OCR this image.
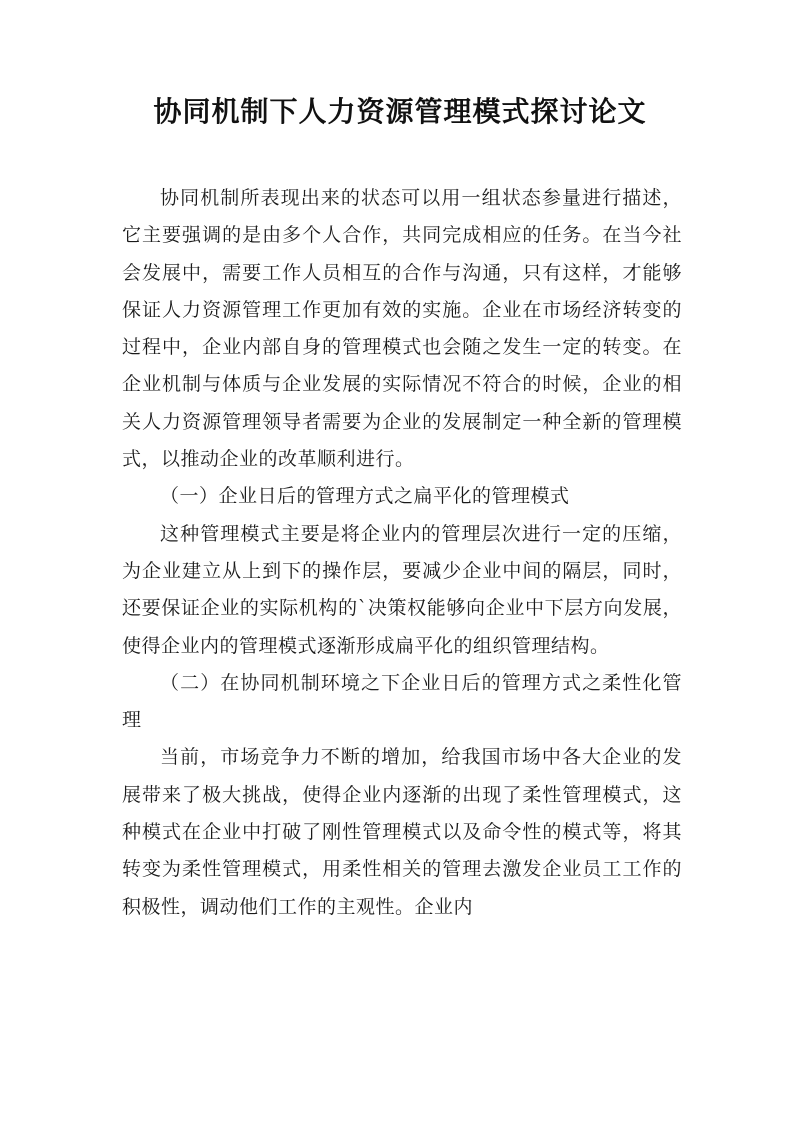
协同机制下人力资源管理模式探讨论文

协同机制所表现出来的状态可以用一组状态参量进行描述，它主要强调的是由多个人合作，共同完成相应的任务。在当今社会发展中，需要工作人员相互的合作与沟通，只有这样，才能够保证人力资源管理工作更加有效的实施。企业在市场经济转变的过程中，企业内部自身的管理模式也会随之发生一定的转变。在企业机制与体质与企业发展的实际情况不符合的时候，企业的相关人力资源管理领导者需要为企业的发展制定一种全新的管理模式，以推动企业的改革顺利进行。

（一）企业日后的管理方式之扁平化的管理模式

这种管理模式主要是将企业内的管理层次进行一定的压缩，为企业建立从上到下的操作层，要减少企业中间的隔层，同时，还要保证企业的实际机构的`决策权能够向企业中下层方向发展，使得企业内的管理模式逐渐形成扁平化的组织管理结构。

（二）在协同机制环境之下企业日后的管理方式之柔性化管理

当前，市场竞争力不断的增加，给我国市场中各大企业的发展带来了极大挑战，使得企业内逐渐的出现了柔性管理模式，这种模式在企业中打破了刚性管理模式以及命令性的模式等，将其转变为柔性管理模式，用柔性相关的管理去激发企业员工工作的积极性，调动他们工作的主观性。企业内
